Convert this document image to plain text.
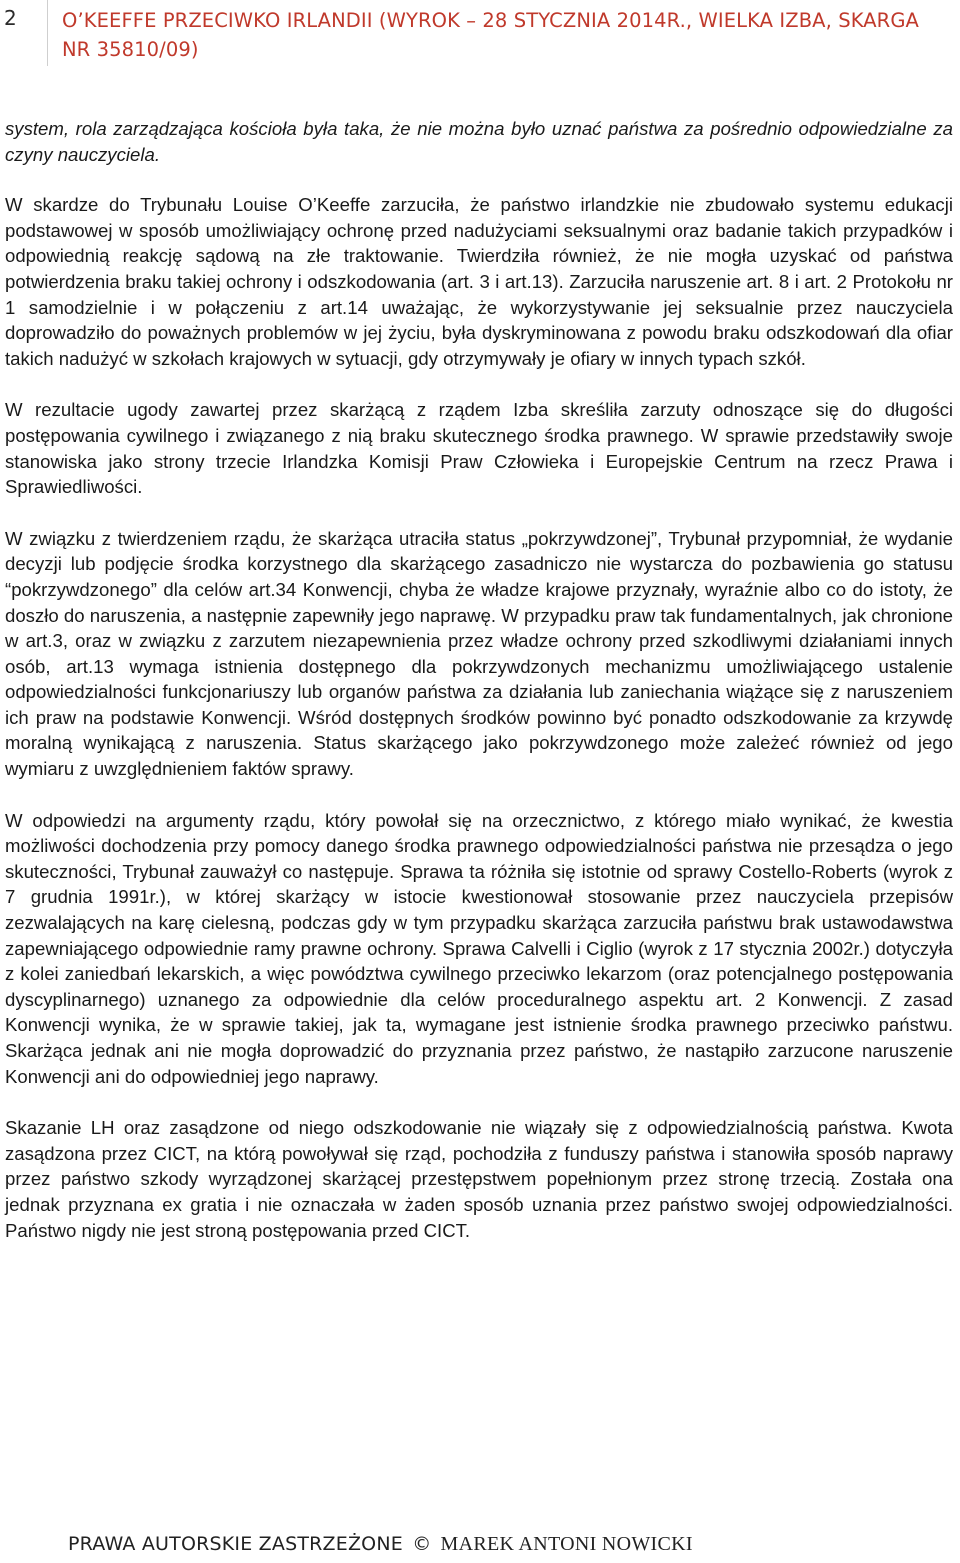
2 O’KEEFFE PRZECIWKO IRLANDII (WYROK – 28 STYCZNIA 2014R., WIELKA IZBA, SKARGA NR 35810/09)

system, rola zarządzająca kościoła była taka, że nie można było uznać państwa za pośrednio odpowiedzialne za czyny nauczyciela.

W skardze do Trybunału Louise O’Keeffe zarzuciła, że państwo irlandzkie nie zbudowało systemu edukacji podstawowej w sposób umożliwiający ochronę przed nadużyciami seksualnymi oraz badanie takich przypadków i odpowiednią reakcję sądową na złe traktowanie. Twierdziła również, że nie mogła uzyskać od państwa potwierdzenia braku takiej ochrony i odszkodowania (art. 3 i art.13). Zarzuciła naruszenie art. 8 i art. 2 Protokołu nr 1 samodzielnie i w połączeniu z art.14 uważając, że wykorzystywanie jej seksualnie przez nauczyciela doprowadziło do poważnych problemów w jej życiu, była dyskryminowana z powodu braku odszkodowań dla ofiar takich nadużyć w szkołach krajowych w sytuacji, gdy otrzymywały je ofiary w innych typach szkół.

W rezultacie ugody zawartej przez skarżącą z rządem Izba skreśliła zarzuty odnoszące się do długości postępowania cywilnego i związanego z nią braku skutecznego środka prawnego. W sprawie przedstawiły swoje stanowiska jako strony trzecie Irlandzka Komisji Praw Człowieka i Europejskie Centrum na rzecz Prawa i Sprawiedliwości.

W związku z twierdzeniem rządu, że skarżąca utraciła status „pokrzywdzonej”, Trybunał przypomniał, że wydanie decyzji lub podjęcie środka korzystnego dla skarżącego zasadniczo nie wystarcza do pozbawienia go statusu “pokrzywdzonego” dla celów art.34 Konwencji, chyba że władze krajowe przyznały, wyraźnie albo co do istoty, że doszło do naruszenia, a następnie zapewniły jego naprawę. W przypadku praw tak fundamentalnych, jak chronione w art.3, oraz w związku z zarzutem niezapewnienia przez władze ochrony przed szkodliwymi działaniami innych osób, art.13 wymaga istnienia dostępnego dla pokrzywdzonych mechanizmu umożliwiającego ustalenie odpowiedzialności funkcjonariuszy lub organów państwa za działania lub zaniechania wiążące się z naruszeniem ich praw na podstawie Konwencji. Wśród dostępnych środków powinno być ponadto odszkodowanie za krzywdę moralną wynikającą z naruszenia. Status skarżącego jako pokrzywdzonego może zależeć również od jego wymiaru z uwzględnieniem faktów sprawy.

W odpowiedzi na argumenty rządu, który powołał się na orzecznictwo, z którego miało wynikać, że kwestia możliwości dochodzenia przy pomocy danego środka prawnego odpowiedzialności państwa nie przesądza o jego skuteczności, Trybunał zauważył co następuje. Sprawa ta różniła się istotnie od sprawy Costello-Roberts (wyrok z 7 grudnia 1991r.), w której skarżący w istocie kwestionował stosowanie przez nauczyciela przepisów zezwalających na karę cielesną, podczas gdy w tym przypadku skarżąca zarzuciła państwu brak ustawodawstwa zapewniającego odpowiednie ramy prawne ochrony. Sprawa Calvelli i Ciglio (wyrok z 17 stycznia 2002r.) dotyczyła z kolei zaniedbań lekarskich, a więc powództwa cywilnego przeciwko lekarzom (oraz potencjalnego postępowania dyscyplinarnego) uznanego za odpowiednie dla celów proceduralnego aspektu art. 2 Konwencji. Z zasad Konwencji wynika, że w sprawie takiej, jak ta, wymagane jest istnienie środka prawnego przeciwko państwu. Skarżąca jednak ani nie mogła doprowadzić do przyznania przez państwo, że nastąpiło zarzucone naruszenie Konwencji ani do odpowiedniej jego naprawy.

Skazanie LH oraz zasądzone od niego odszkodowanie nie wiązały się z odpowiedzialnością państwa. Kwota zasądzona przez CICT, na którą powoływał się rząd, pochodziła z funduszy państwa i stanowiła sposób naprawy przez państwo szkody wyrządzonej skarżącej przestępstwem popełnionym przez stronę trzecią. Została ona jednak przyznana ex gratia i nie oznaczała w żaden sposób uznania przez państwo swojej odpowiedzialności. Państwo nigdy nie jest stroną postępowania przed CICT.

PRAWA AUTORSKIE ZASTRZEŻONE © MAREK ANTONI NOWICKI
